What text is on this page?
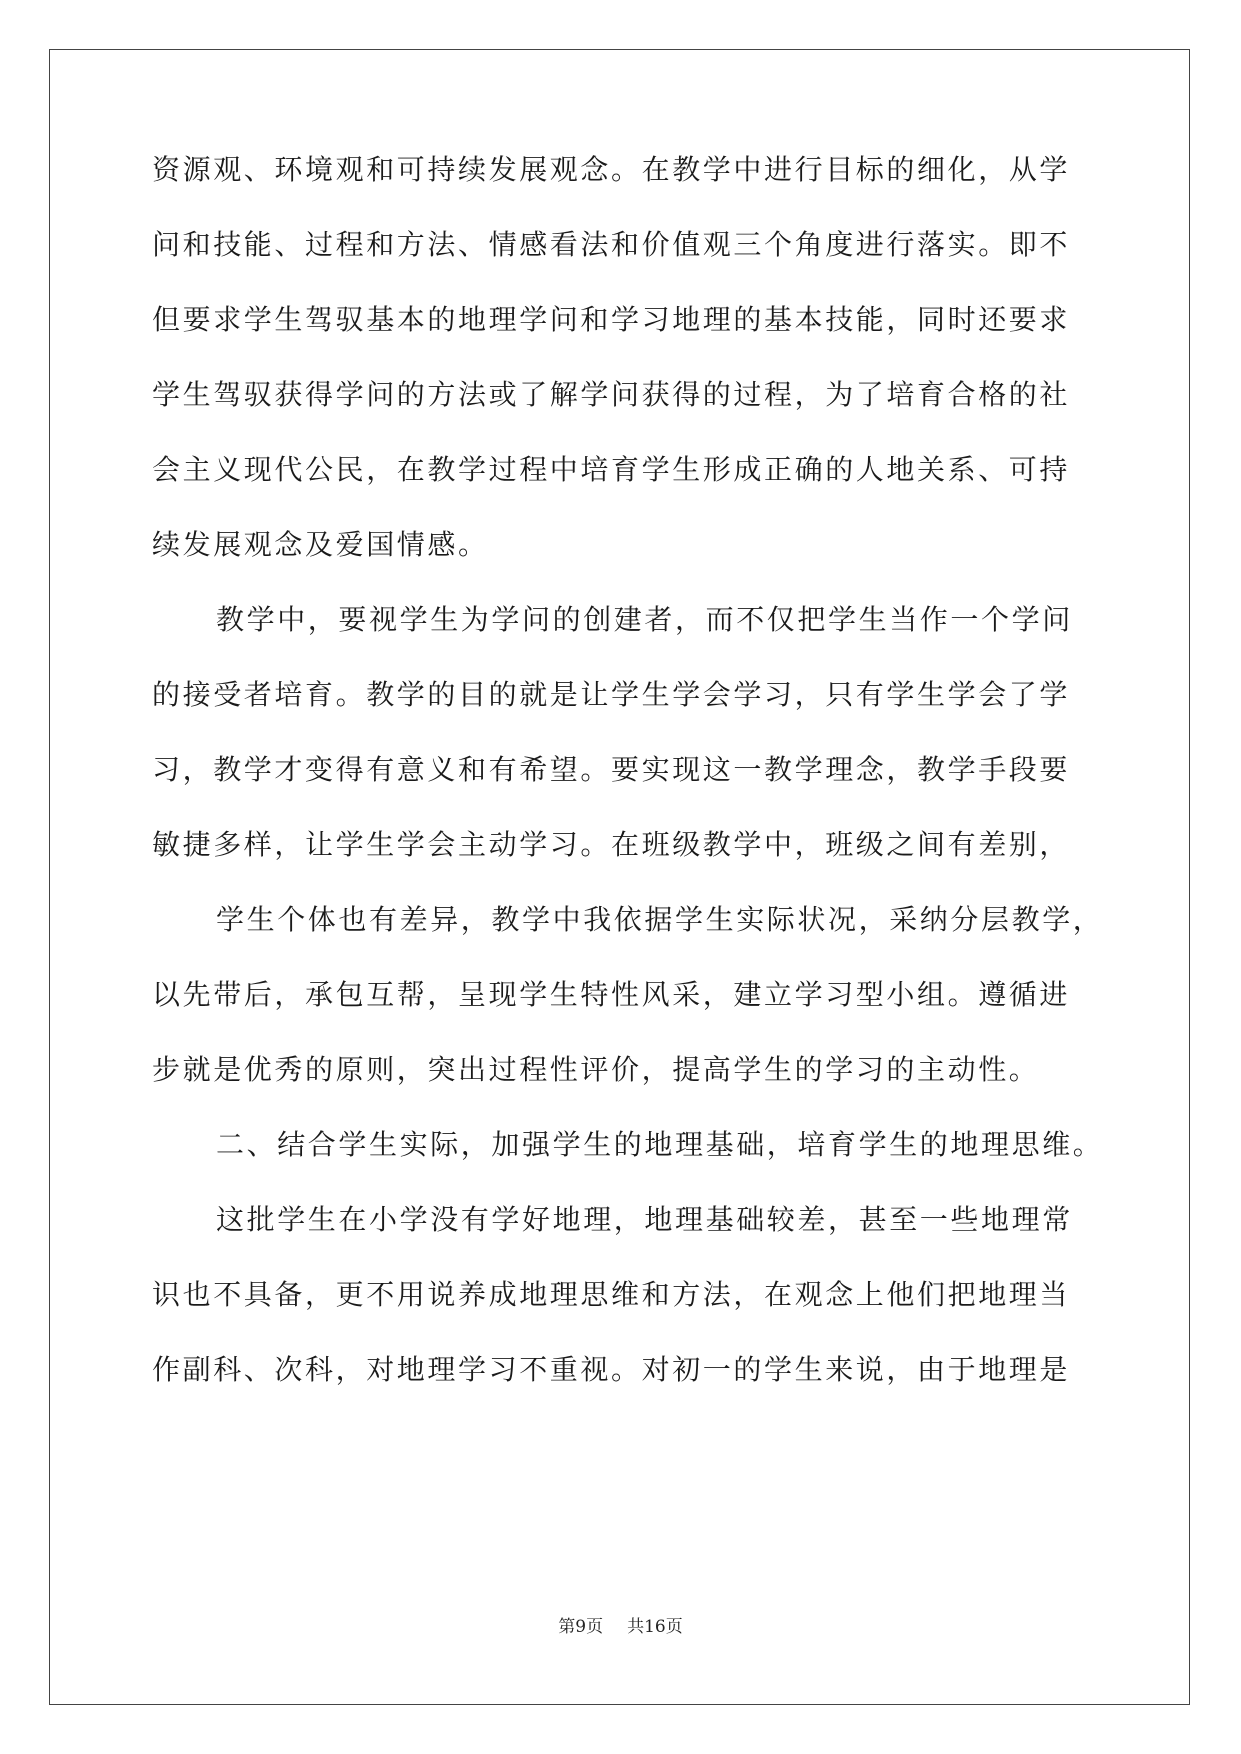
资源观、环境观和可持续发展观念。在教学中进行目标的细化，从学
问和技能、过程和方法、情感看法和价值观三个角度进行落实。即不
但要求学生驾驭基本的地理学问和学习地理的基本技能，同时还要求
学生驾驭获得学问的方法或了解学问获得的过程，为了培育合格的社
会主义现代公民，在教学过程中培育学生形成正确的人地关系、可持
续发展观念及爱国情感。
教学中，要视学生为学问的创建者，而不仅把学生当作一个学问
的接受者培育。教学的目的就是让学生学会学习，只有学生学会了学
习，教学才变得有意义和有希望。要实现这一教学理念，教学手段要
敏捷多样，让学生学会主动学习。在班级教学中，班级之间有差别，
学生个体也有差异，教学中我依据学生实际状况，采纳分层教学，
以先带后，承包互帮，呈现学生特性风采，建立学习型小组。遵循进
步就是优秀的原则，突出过程性评价，提高学生的学习的主动性。
二、结合学生实际，加强学生的地理基础，培育学生的地理思维。
这批学生在小学没有学好地理，地理基础较差，甚至一些地理常
识也不具备，更不用说养成地理思维和方法，在观念上他们把地理当
作副科、次科，对地理学习不重视。对初一的学生来说，由于地理是
第9页 共16页
